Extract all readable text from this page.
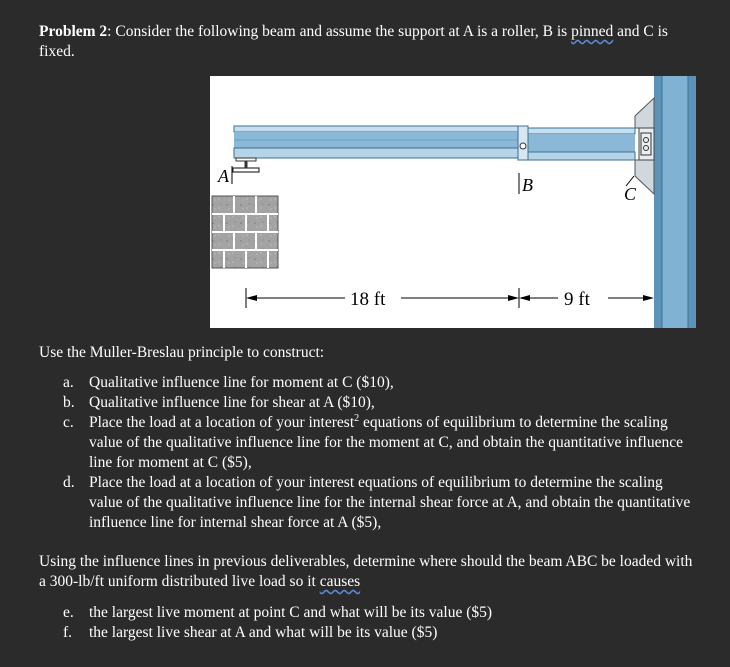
Problem 2: Consider the following beam and assume the support at A is a roller, B is pinned and C is fixed.
A	B	C
18 ft	9 ft
Use the Muller-Breslau principle to construct:
a. Qualitative influence line for moment at C ($10),
b. Qualitative influence line for shear at A ($10),
c. Place the load at a location of your interest$^2$ equations of equilibrium to determine the scaling value of the qualitative influence line for the moment at C, and obtain the quantitative influence line for moment at C ($5),
d. Place the load at a location of your interest equations of equilibrium to determine the scaling value of the qualitative influence line for the internal shear force at A, and obtain the quantitative influence line for internal shear force at A ($5),
Using the influence lines in previous deliverables, determine where should the beam ABC be loaded with a 300-lb/ft uniform distributed live load so it causes
e. the largest live moment at point C and what will be its value ($5)
f. the largest live shear at A and what will be its value ($5)
